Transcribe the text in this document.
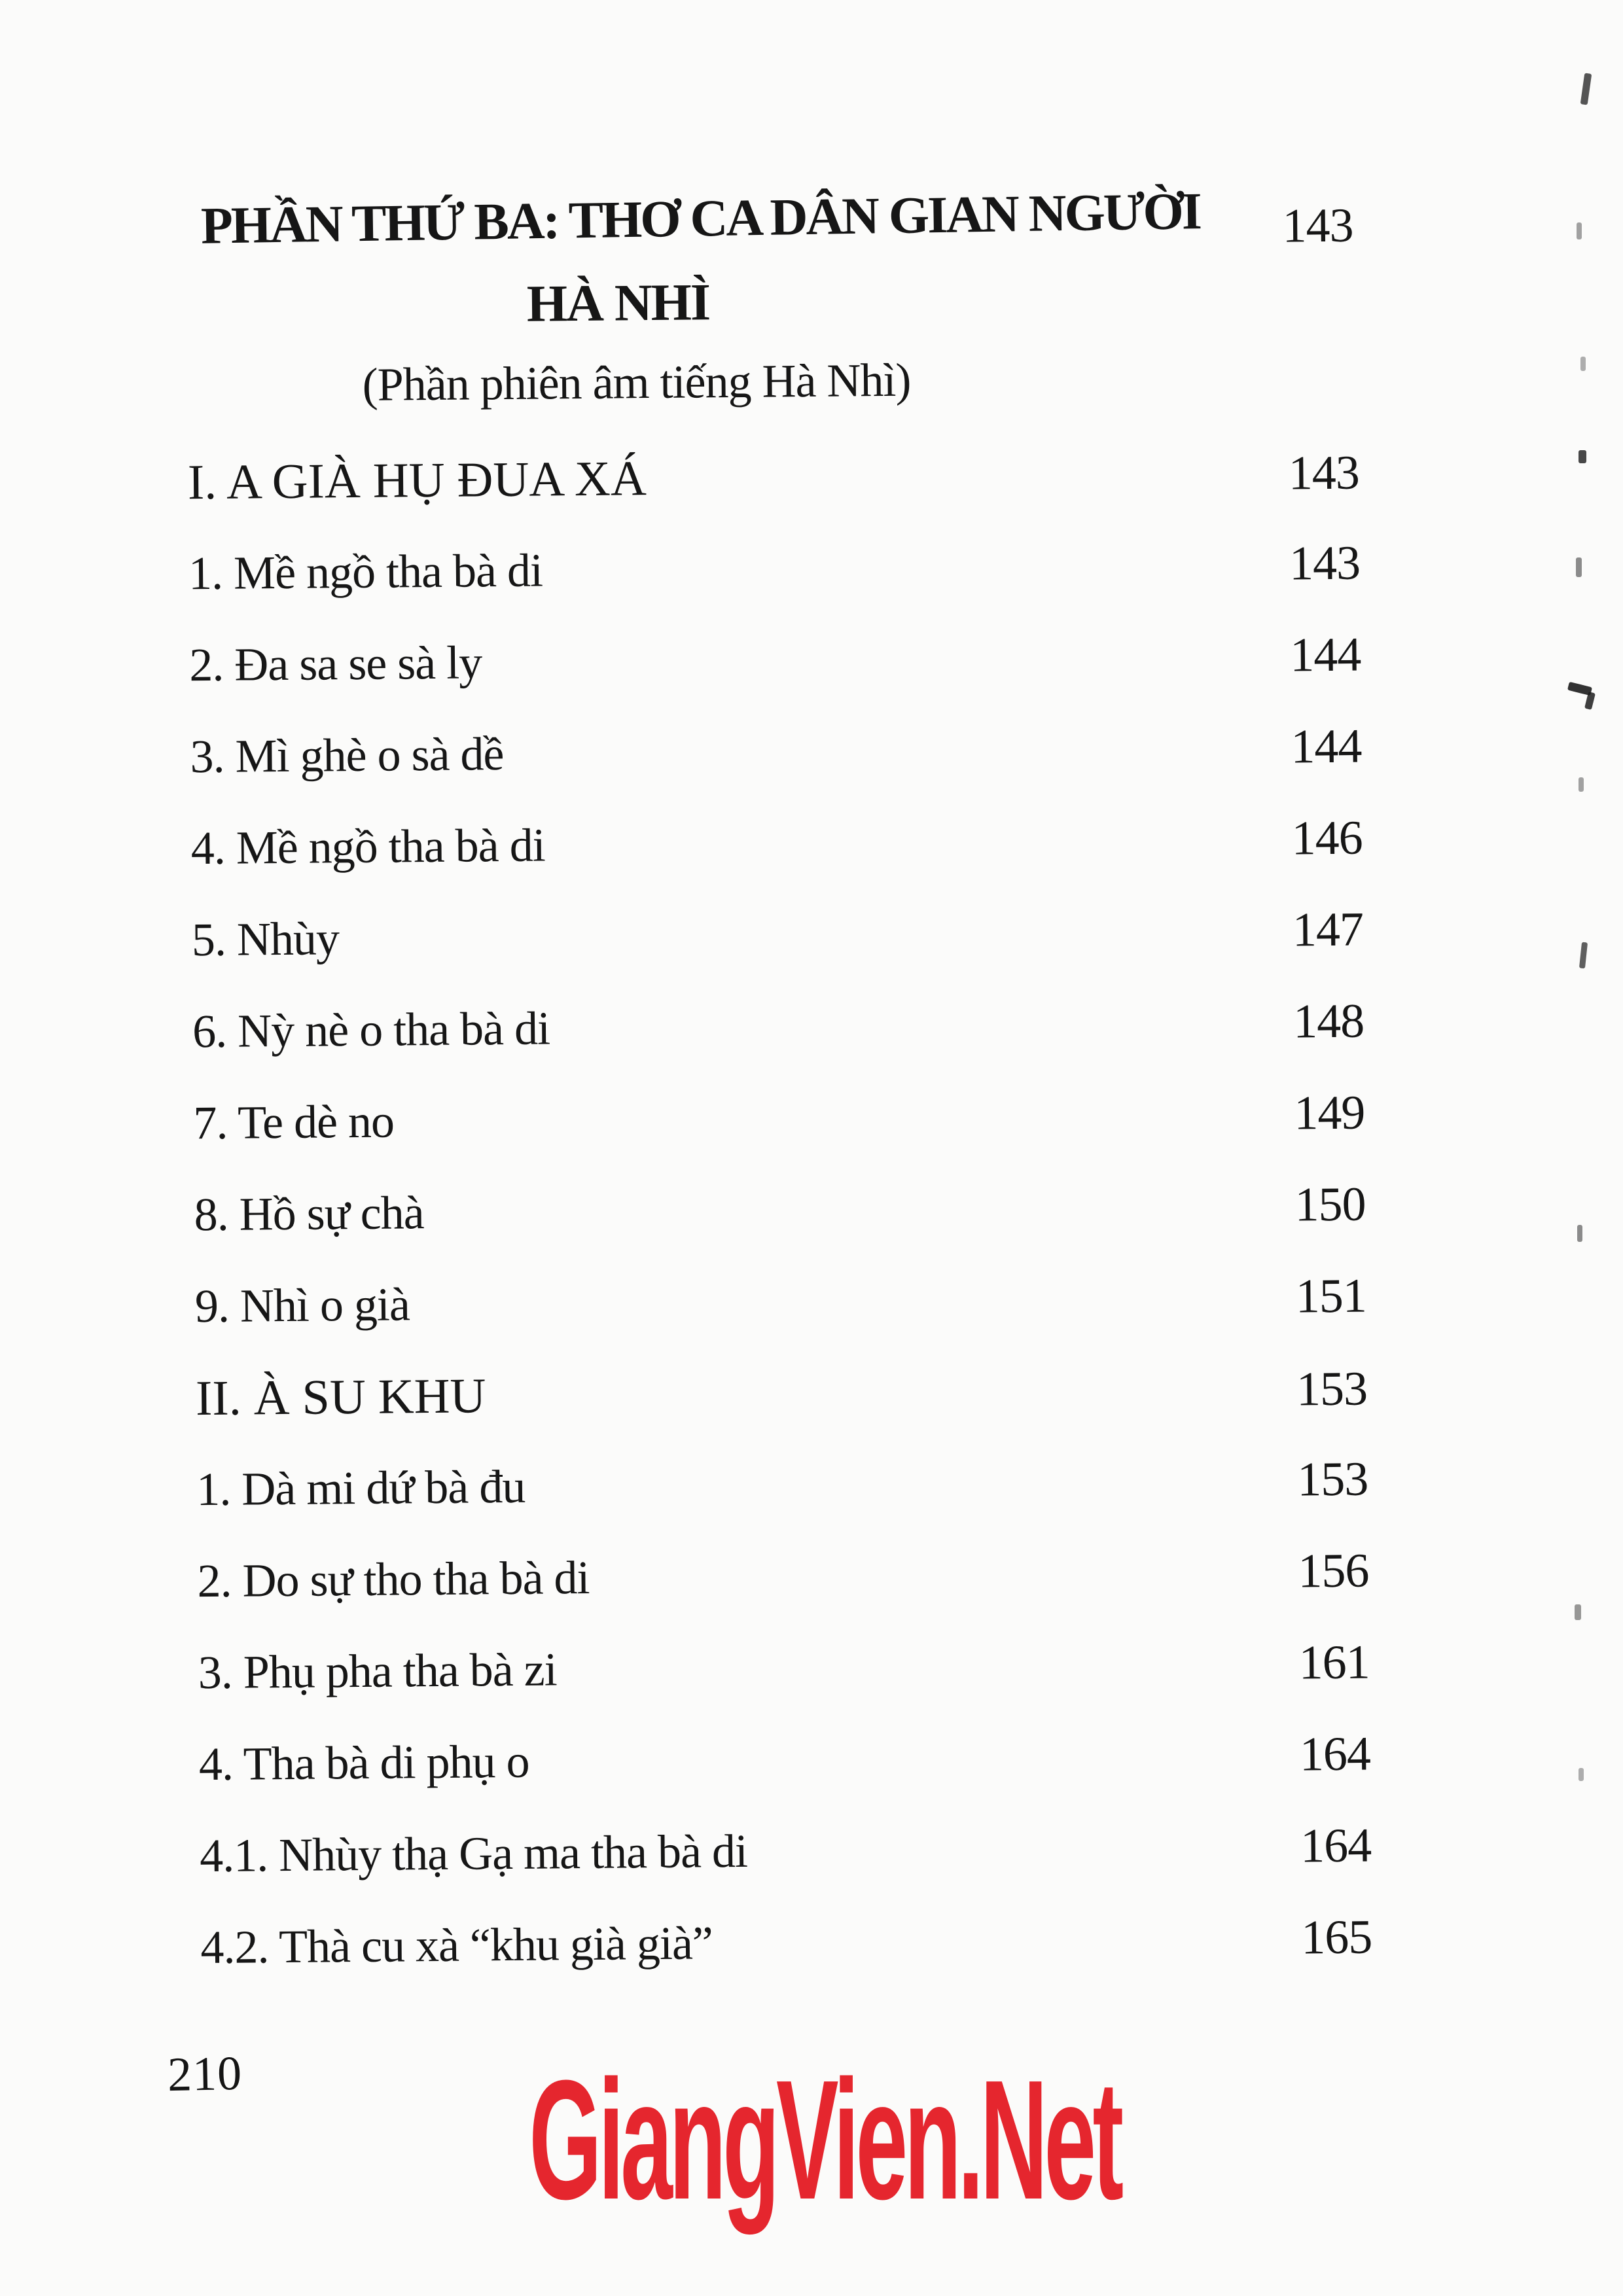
PHẦN THỨ BA: THƠ CA DÂN GIAN NGƯỜI	143
HÀ NHÌ
(Phần phiên âm tiếng Hà Nhì)
I. A GIÀ HỤ ĐUA XÁ	143
1. Mề ngồ tha bà di	143
2. Đa sa se sà ly	144
3. Mì ghè o sà dề	144
4. Mề ngồ tha bà di	146
5. Nhùy	147
6. Nỳ nè o tha bà di	148
7. Te dè no	149
8. Hồ sự chà	150
9. Nhì o già	151
II. À SU KHU	153
1. Dà mi dứ bà đu	153
2. Do sự tho tha bà di	156
3. Phụ pha tha bà zi	161
4. Tha bà di phụ o	164
4.1. Nhùy thạ Gạ ma tha bà di	164
4.2. Thà cu xà “khu già già”	165
210	GiangVien.Net
